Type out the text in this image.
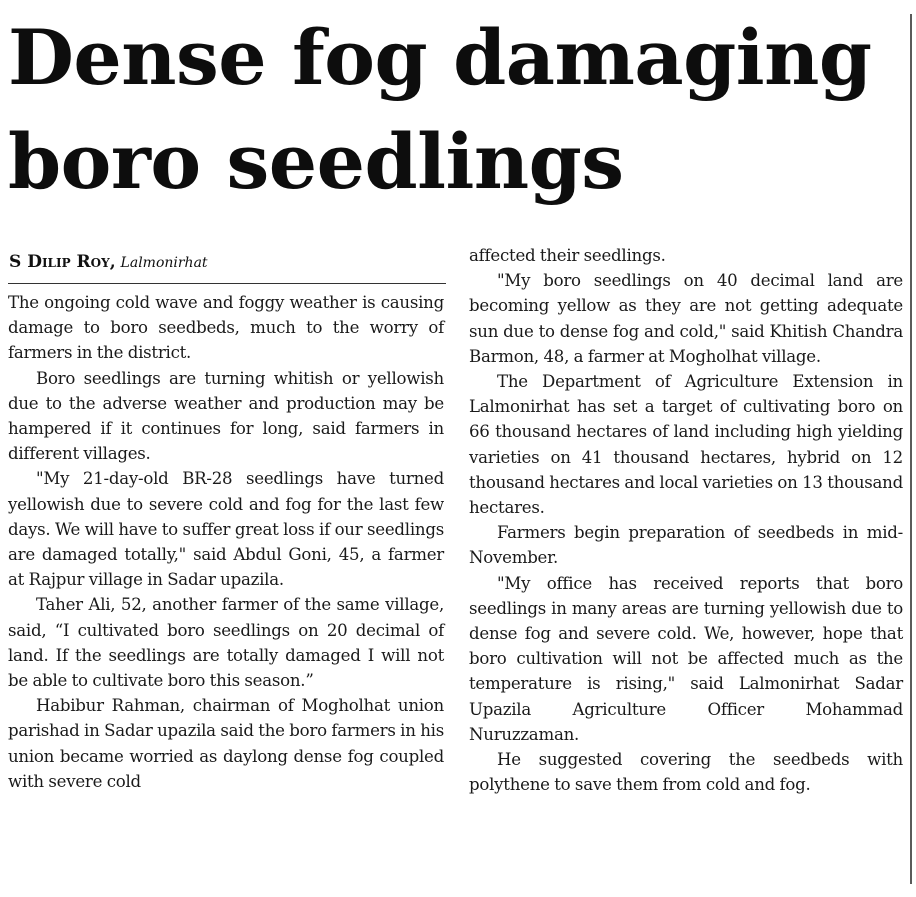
Dense fog damaging boro seedlings
S Dilip Roy, Lalmonirhat

The ongoing cold wave and foggy weather is causing damage to boro seedbeds, much to the worry of farmers in the district.

Boro seedlings are turning whitish or yellowish due to the adverse weather and production may be hampered if it continues for long, said farmers in different villages.

"My 21-day-old BR-28 seedlings have turned yellowish due to severe cold and fog for the last few days. We will have to suffer great loss if our seedlings are damaged totally," said Abdul Goni, 45, a farmer at Rajpur village in Sadar upazila.

Taher Ali, 52, another farmer of the same village, said, “I cultivated boro seedlings on 20 decimal of land. If the seedlings are totally damaged I will not be able to cultivate boro this season.”

Habibur Rahman, chairman of Mogholhat union parishad in Sadar upazila said the boro farmers in his union became worried as daylong dense fog coupled with severe cold

affected their seedlings.

"My boro seedlings on 40 decimal land are becoming yellow as they are not getting adequate sun due to dense fog and cold," said Khitish Chandra Barmon, 48, a farmer at Mogholhat village.

The Department of Agriculture Extension in Lalmonirhat has set a target of cultivating boro on 66 thousand hectares of land including high yielding varieties on 41 thousand hectares, hybrid on 12 thousand hectares and local varieties on 13 thousand hectares.

Farmers begin preparation of seedbeds in mid-November.

"My office has received reports that boro seedlings in many areas are turning yellowish due to dense fog and severe cold. We, however, hope that boro cultivation will not be affected much as the temperature is rising," said Lalmonirhat Sadar Upazila Agriculture Officer Mohammad Nuruzzaman.

He suggested covering the seedbeds with polythene to save them from cold and fog.
